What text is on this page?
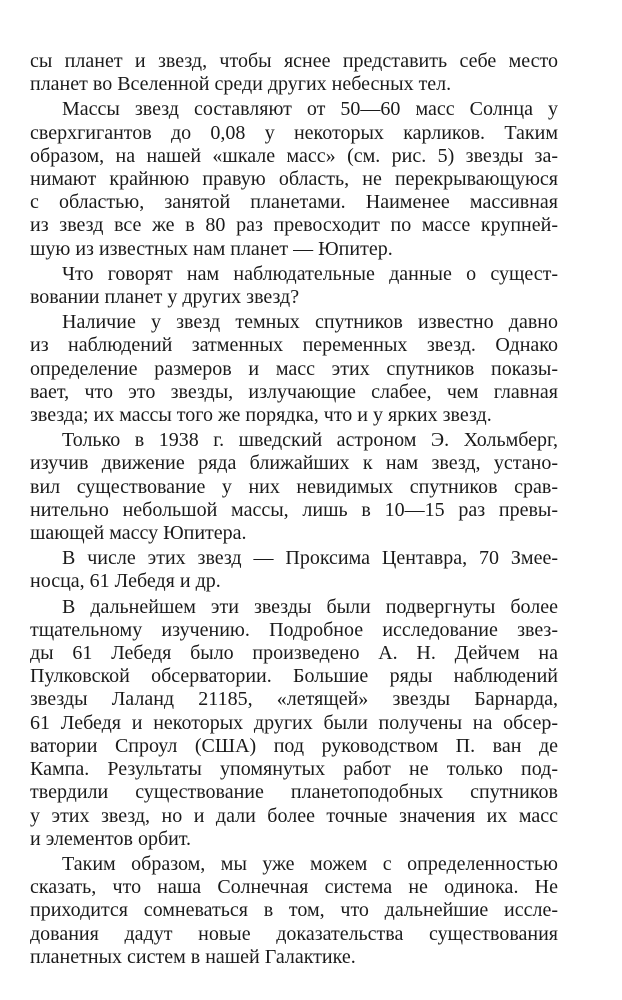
сы планет и звезд, чтобы яснее представить себе место
планет во Вселенной среди других небесных тел.
Массы звезд составляют от 50—60 масс Солнца у
сверхгигантов до 0,08 у некоторых карликов. Таким
образом, на нашей «шкале масс» (см. рис. 5) звезды за-
нимают крайнюю правую область, не перекрывающуюся
с областью, занятой планетами. Наименее массивная
из звезд все же в 80 раз превосходит по массе крупней-
шую из известных нам планет — Юпитер.
Что говорят нам наблюдательные данные о сущест-
вовании планет у других звезд?
Наличие у звезд темных спутников известно давно
из наблюдений затменных переменных звезд. Однако
определение размеров и масс этих спутников показы-
вает, что это звезды, излучающие слабее, чем главная
звезда; их массы того же порядка, что и у ярких звезд.
Только в 1938 г. шведский астроном Э. Хольмберг,
изучив движение ряда ближайших к нам звезд, устано-
вил существование у них невидимых спутников срав-
нительно небольшой массы, лишь в 10—15 раз превы-
шающей массу Юпитера.
В числе этих звезд — Проксима Центавра, 70 Змее-
носца, 61 Лебедя и др.
В дальнейшем эти звезды были подвергнуты более
тщательному изучению. Подробное исследование звез-
ды 61 Лебедя было произведено А. Н. Дейчем на
Пулковской обсерватории. Большие ряды наблюдений
звезды Лаланд 21185, «летящей» звезды Барнарда,
61 Лебедя и некоторых других были получены на обсер-
ватории Спроул (США) под руководством П. ван де
Кампа. Результаты упомянутых работ не только под-
твердили существование планетоподобных спутников
у этих звезд, но и дали более точные значения их масс
и элементов орбит.
Таким образом, мы уже можем с определенностью
сказать, что наша Солнечная система не одинока. Не
приходится сомневаться в том, что дальнейшие иссле-
дования дадут новые доказательства существования
планетных систем в нашей Галактике.
